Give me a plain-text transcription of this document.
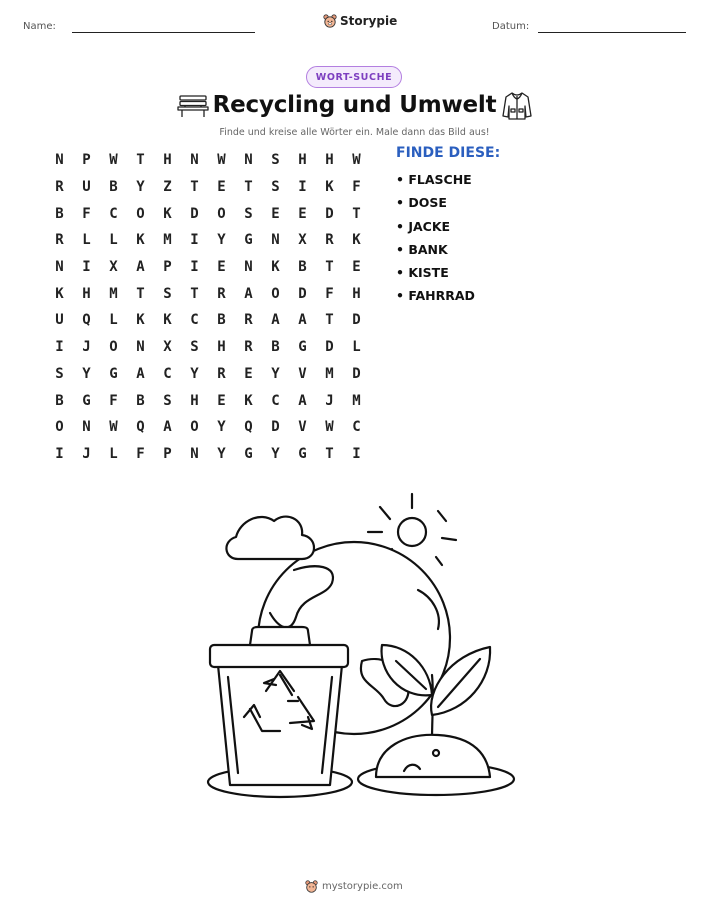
Name:	Storypie	Datum:
WORT-SUCHE
Recycling und Umwelt
Finde und kreise alle Wörter ein. Male dann das Bild aus!
N	P	W	T	H	N	W	N	S	H	H	W
R	U	B	Y	Z	T	E	T	S	I	K	F
B	F	C	O	K	D	O	S	E	E	D	T
R	L	L	K	M	I	Y	G	N	X	R	K
N	I	X	A	P	I	E	N	K	B	T	E
K	H	M	T	S	T	R	A	O	D	F	H
U	Q	L	K	K	C	B	R	A	A	T	D
I	J	O	N	X	S	H	R	B	G	D	L
S	Y	G	A	C	Y	R	E	Y	V	M	D
B	G	F	B	S	H	E	K	C	A	J	M
O	N	W	Q	A	O	Y	Q	D	V	W	C
I	J	L	F	P	N	Y	G	Y	G	T	I
FINDE DIESE:
• FLASCHE
• DOSE
• JACKE
• BANK
• KISTE
• FAHRRAD
mystorypie.com
